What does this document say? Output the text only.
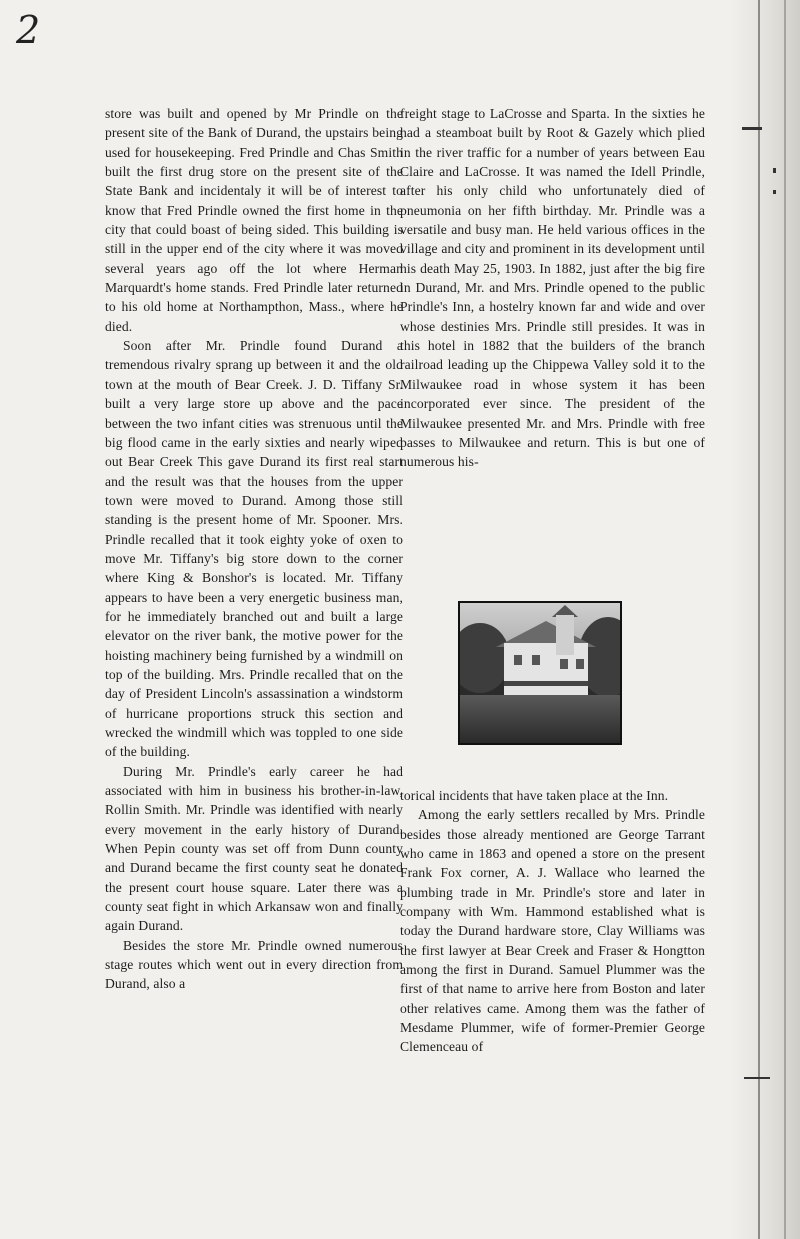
2

store was built and opened by Mr Prindle on the present site of the Bank of Durand, the upstairs being used for housekeeping. Fred Prindle and Chas Smith built the first drug store on the present site of the State Bank and incidentaly it will be of interest to know that Fred Prindle owned the first home in the city that could boast of being sided. This building is still in the upper end of the city where it was moved several years ago off the lot where Herman Marquardt's home stands. Fred Prindle later returned to his old home at Northampthon, Mass., where he died.

Soon after Mr. Prindle found Durand a tremendous rivalry sprang up between it and the old town at the mouth of Bear Creek. J. D. Tiffany Sr. built a very large store up above and the pace between the two infant cities was strenuous until the big flood came in the early sixties and nearly wiped out Bear Creek This gave Durand its first real start and the result was that the houses from the upper town were moved to Durand. Among those still standing is the present home of Mr. Spooner. Mrs. Prindle recalled that it took eighty yoke of oxen to move Mr. Tiffany's big store down to the corner where King & Bonshor's is located. Mr. Tiffany appears to have been a very energetic business man, for he immediately branched out and built a large elevator on the river bank, the motive power for the hoisting machinery being furnished by a windmill on top of the building. Mrs. Prindle recalled that on the day of President Lincoln's assassination a windstorm of hurricane proportions struck this section and wrecked the windmill which was toppled to one side of the building.

During Mr. Prindle's early career he had associated with him in business his brother-in-law, Rollin Smith. Mr. Prindle was identified with nearly every movement in the early history of Durand. When Pepin county was set off from Dunn county and Durand became the first county seat he donated the present court house square. Later there was a county seat fight in which Arkansaw won and finally again Durand.

Besides the store Mr. Prindle owned numerous stage routes which went out in every direction from Durand, also a

freight stage to LaCrosse and Sparta. In the sixties he had a steamboat built by Root & Gazely which plied in the river traffic for a number of years between Eau Claire and LaCrosse. It was named the Idell Prindle, after his only child who unfortunately died of pneumonia on her fifth birthday. Mr. Prindle was a versatile and busy man. He held various offices in the village and city and prominent in its development until his death May 25, 1903. In 1882, just after the big fire in Durand, Mr. and Mrs. Prindle opened to the public Prindle's Inn, a hostelry known far and wide and over whose destinies Mrs. Prindle still presides. It was in this hotel in 1882 that the builders of the branch railroad leading up the Chippewa Valley sold it to the Milwaukee road in whose system it has been incorporated ever since. The president of the Milwaukee presented Mr. and Mrs. Prindle with free passes to Milwaukee and return. This is but one of numerous his-

torical incidents that have taken place at the Inn.

Among the early settlers recalled by Mrs. Prindle besides those already mentioned are George Tarrant who came in 1863 and opened a store on the present Frank Fox corner, A. J. Wallace who learned the plumbing trade in Mr. Prindle's store and later in company with Wm. Hammond established what is today the Durand hardware store, Clay Williams was the first lawyer at Bear Creek and Fraser & Hongtton among the first in Durand. Samuel Plummer was the first of that name to arrive here from Boston and later other relatives came. Among them was the father of Mesdame Plummer, wife of former-Premier George Clemenceau of
